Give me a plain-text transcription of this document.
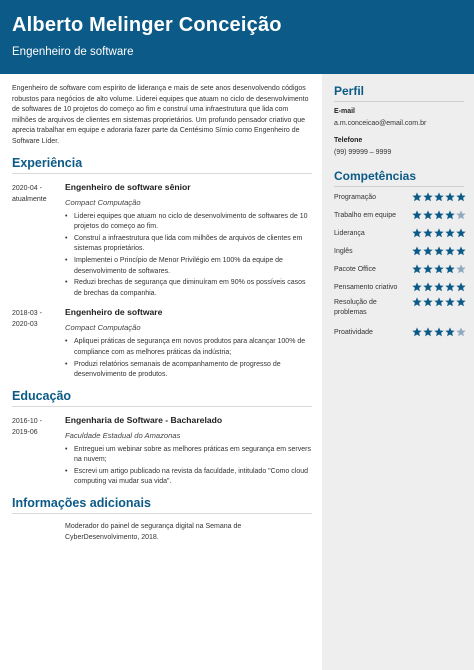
Alberto Melinger Conceição
Engenheiro de software

Engenheiro de software com espírito de liderança e mais de sete anos desenvolvendo códigos robustos para negócios de alto volume. Liderei equipes que atuam no ciclo de desenvolvimento de softwares de 10 projetos do começo ao fim e construí uma infraestrutura que lida com milhões de arquivos de clientes em sistemas proprietários. Um profundo pensador criativo que aprecia trabalhar em equipe e adoraria fazer parte da Centésimo Símio como Engenheiro de Software Líder.

Experiência
2020-04 - atualmente
Engenheiro de software sênior
Compact Computação
• Liderei equipes que atuam no ciclo de desenvolvimento de softwares de 10 projetos do começo ao fim.
• Construí a infraestrutura que lida com milhões de arquivos de clientes em sistemas proprietários.
• Implementei o Princípio de Menor Privilégio em 100% da equipe de desenvolvimento de softwares.
• Reduzi brechas de segurança que diminuíram em 90% os possíveis casos de brechas da companhia.
2018-03 - 2020-03
Engenheiro de software
Compact Computação
• Apliquei práticas de segurança em novos produtos para alcançar 100% de compliance com as melhores práticas da indústria;
• Produzi relatórios semanais de acompanhamento de progresso de desenvolvimento de produtos.
Educação
2016-10 - 2019-06
Engenharia de Software - Bacharelado
Faculdade Estadual do Amazonas
• Entreguei um webinar sobre as melhores práticas em segurança em servers na nuvem;
• Escrevi um artigo publicado na revista da faculdade, intitulado "Como cloud computing vai mudar sua vida".
Informações adicionais
Moderador do painel de segurança digital na Semana de CyberDesenvolvimento, 2018.
Perfil
E-mail
a.m.conceicao@email.com.br
Telefone
(99) 99999 – 9999
Competências
Programação
Trabalho em equipe
Liderança
Inglês
Pacote Office
Pensamento criativo
Resolução de problemas
Proatividade
